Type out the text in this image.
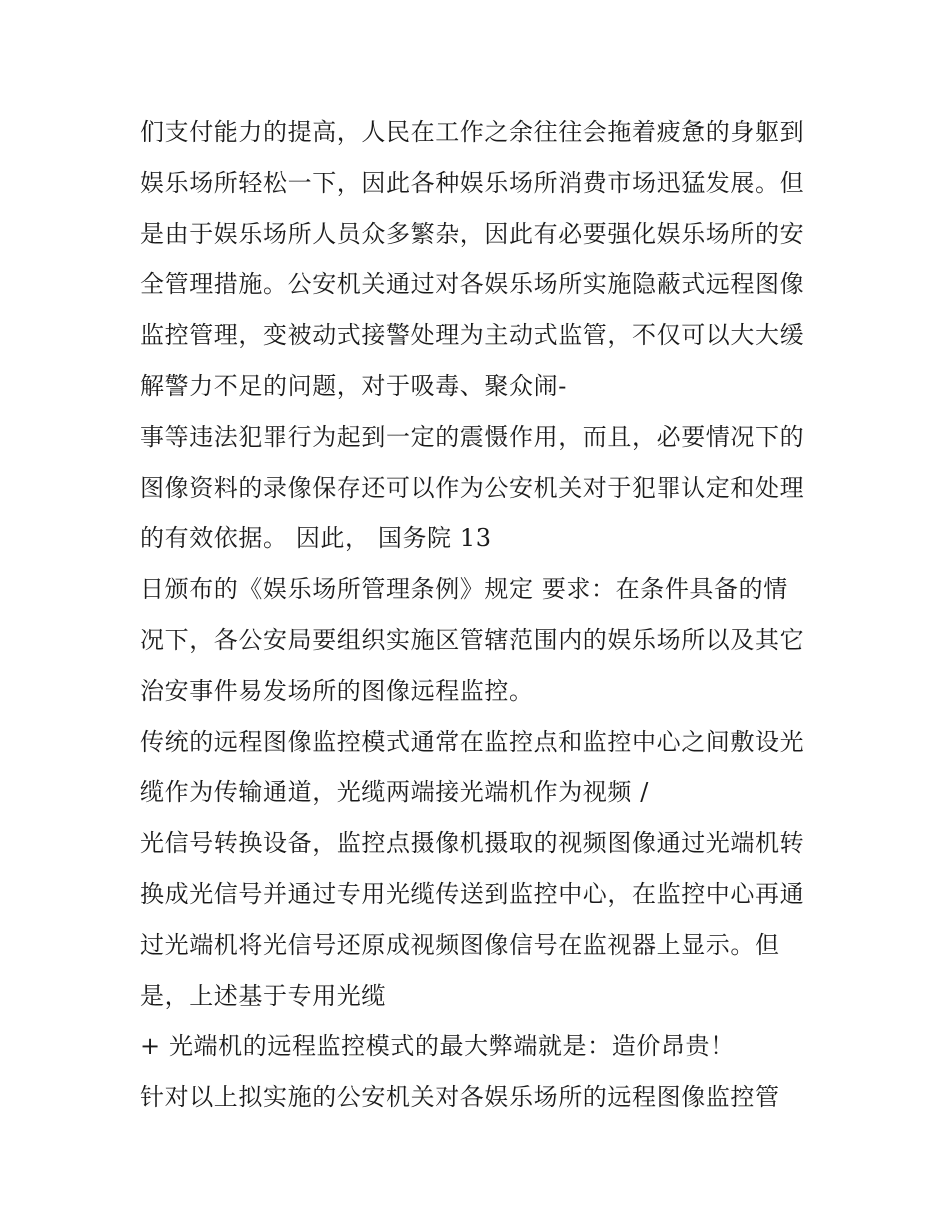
们支付能力的提高，人民在工作之余往往会拖着疲惫的身躯到
娱乐场所轻松一下，因此各种娱乐场所消费市场迅猛发展。但
是由于娱乐场所人员众多繁杂，因此有必要强化娱乐场所的安
全管理措施。公安机关通过对各娱乐场所实施隐蔽式远程图像
监控管理，变被动式接警处理为主动式监管，不仅可以大大缓
解警力不足的问题，对于吸毒、聚众闹-
事等违法犯罪行为起到一定的震慑作用，而且，必要情况下的
图像资料的录像保存还可以作为公安机关对于犯罪认定和处理
的有效依据。 因此， 国务院 13
日颁布的《娱乐场所管理条例》规定 要求：在条件具备的情
况下，各公安局要组织实施区管辖范围内的娱乐场所以及其它
治安事件易发场所的图像远程监控。
传统的远程图像监控模式通常在监控点和监控中心之间敷设光
缆作为传输通道，光缆两端接光端机作为视频 /
光信号转换设备，监控点摄像机摄取的视频图像通过光端机转
换成光信号并通过专用光缆传送到监控中心，在监控中心再通
过光端机将光信号还原成视频图像信号在监视器上显示。但
是，上述基于专用光缆
+ 光端机的远程监控模式的最大弊端就是：造价昂贵！
针对以上拟实施的公安机关对各娱乐场所的远程图像监控管
